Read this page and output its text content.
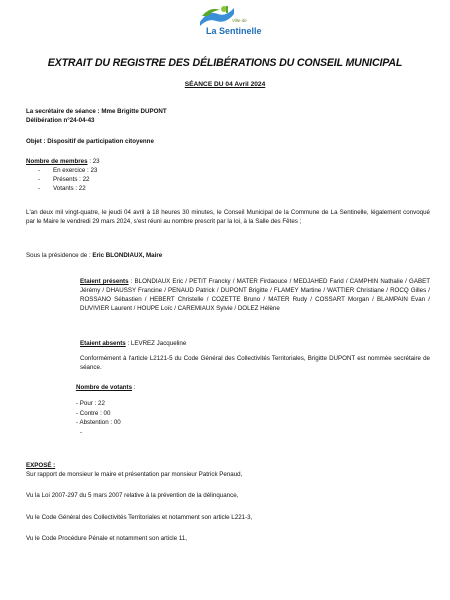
Ville de
La Sentinelle
EXTRAIT DU REGISTRE DES DÉLIBÉRATIONS DU CONSEIL MUNICIPAL
SÉANCE DU 04 Avril 2024
La secrétaire de séance : Mme Brigitte DUPONT
Délibération n°24-04-43
Objet : Dispositif de participation citoyenne
Nombre de membres : 23
- En exercice : 23
- Présents : 22
- Votants : 22
L'an deux mil vingt-quatre, le jeudi 04 avril à 18 heures 30 minutes, le Conseil Municipal de la Commune de La Sentinelle, légalement convoqué par le Maire le vendredi 29 mars 2024, s'est réuni au nombre prescrit par la loi, à la Salle des Fêtes ;
Sous la présidence de : Eric BLONDIAUX, Maire
Etaient présents : BLONDIAUX Eric / PETIT Francky / MATER Firdaouce / MEDJAHED Farid / CAMPHIN Nathalie / GABET Jérémy / DHAUSSY Francine / PENAUD Patrick / DUPONT Brigitte / FLAMEY Martine / WATTIER Christiane / ROCQ Gilles / ROSSANO Sébastien / HEBERT Christelle / COZETTE Bruno / MATER Rudy / COSSART Morgan / BLAMPAIN Evan / DUVIVIER Laurent / HOUPE Loïc / CAREMIAUX Sylvie / DOLEZ Hélène
Etaient absents : LEVREZ Jacqueline
Conformément à l'article L2121-5 du Code Général des Collectivités Territoriales, Brigitte DUPONT est nommée secrétaire de séance.
Nombre de votants :
- Pour : 22
- Contre : 00
- Abstention : 00
-
EXPOSÉ :
Sur rapport de monsieur le maire et présentation par monsieur Patrick Penaud,
Vu la Loi 2007-297 du 5 mars 2007 relative à la prévention de la délinquance,
Vu le Code Général des Collectivités Territoriales et notamment son article L221-3,
Vu le Code Procédure Pénale et notamment son article 11,
